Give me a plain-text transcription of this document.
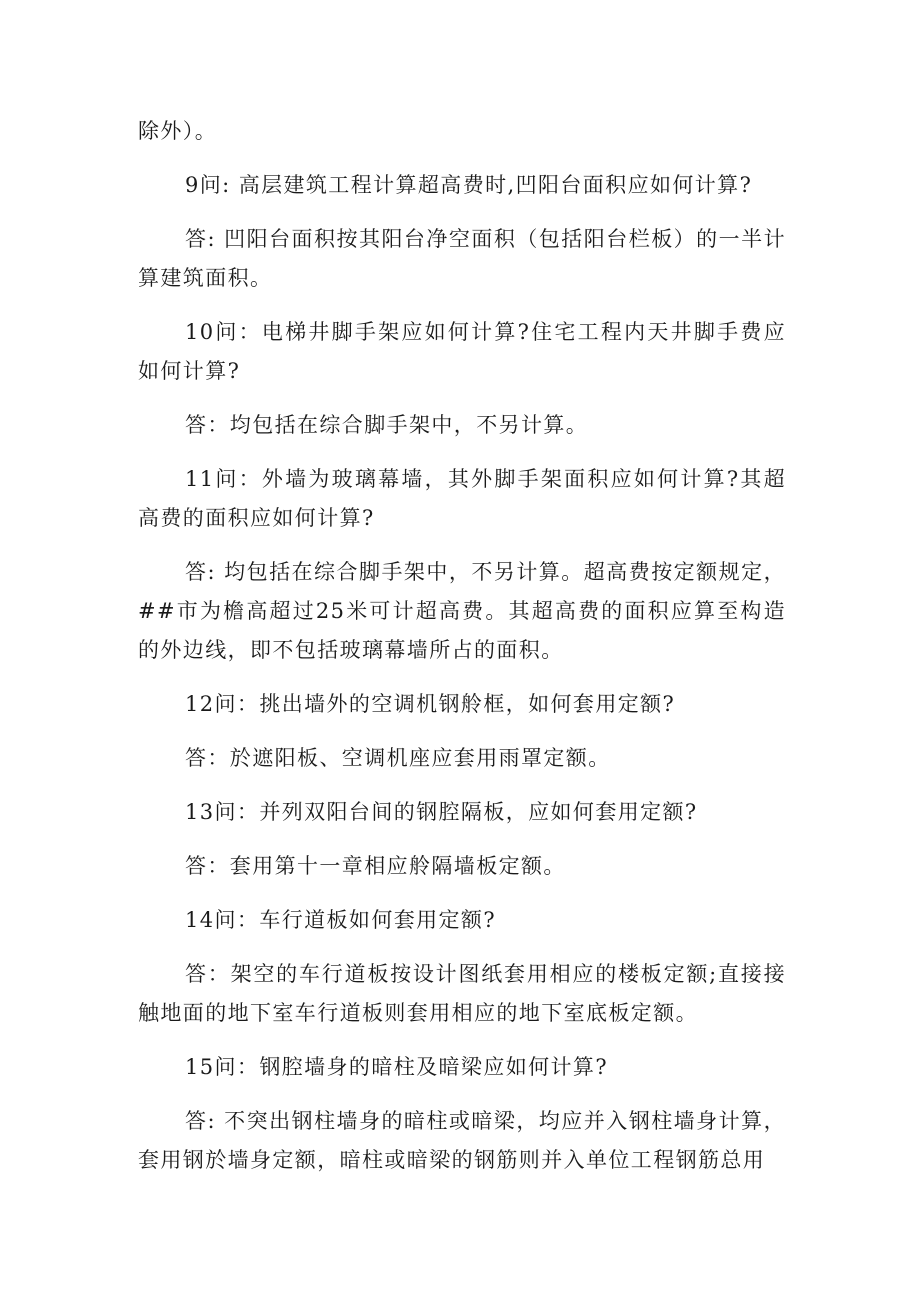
除外）。

9问: 高层建筑工程计算超高费时,凹阳台面积应如何计算?

答: 凹阳台面积按其阳台净空面积（包括阳台栏板）的一半计算建筑面积。

10问：电梯井脚手架应如何计算?住宅工程内天井脚手费应如何计算?

答：均包括在综合脚手架中，不另计算。

11问：外墙为玻璃幕墙，其外脚手架面积应如何计算?其超高费的面积应如何计算?

答: 均包括在综合脚手架中，不另计算。超高费按定额规定，##市为檐高超过25米可计超高费。其超高费的面积应算至构造的外边线，即不包括玻璃幕墙所占的面积。

12问：挑出墙外的空调机钢舲框，如何套用定额?

答：於遮阳板、空调机座应套用雨罩定额。

13问：并列双阳台间的钢腔隔板，应如何套用定额?

答：套用第十一章相应舲隔墙板定额。

14问：车行道板如何套用定额?

答：架空的车行道板按设计图纸套用相应的楼板定额;直接接触地面的地下室车行道板则套用相应的地下室底板定额。

15问：钢腔墙身的暗柱及暗梁应如何计算?

答: 不突出钢柱墙身的暗柱或暗梁，均应并入钢柱墙身计算，套用钢於墙身定额，暗柱或暗梁的钢筋则并入单位工程钢筋总用
